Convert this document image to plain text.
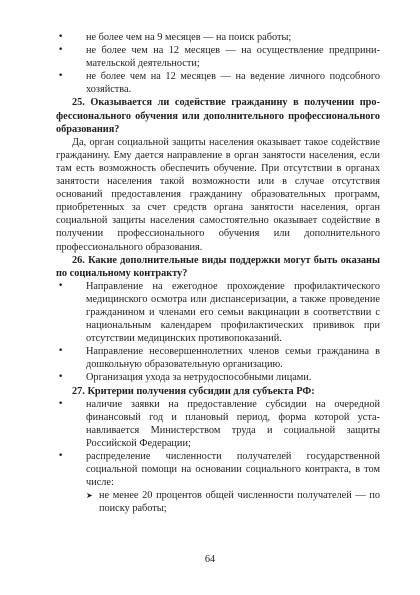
• не более чем на 9 месяцев — на поиск работы;
• не более чем на 12 месяцев — на осуществление предпринимательской деятельности;
• не более чем на 12 месяцев — на ведение личного подсобного хозяйства.

25. Оказывается ли содействие гражданину в получении профессионального обучения или дополнительного профессионального образования?

Да, орган социальной защиты населения оказывает такое содействие гражданину. Ему дается направление в орган занятости населения, если там есть возможность обеспечить обучение. При отсутствии в органах занятости населения такой возможности или в случае отсутствия оснований предоставления гражданину образовательных программ, приобретенных за счет средств органа занятости населения, орган социальной защиты населения самостоятельно оказывает содействие в получении профессионального обучения или дополнительного профессионального образования.

26. Какие дополнительные виды поддержки могут быть оказаны по социальному контракту?

• Направление на ежегодное прохождение профилактического медицинского осмотра или диспансеризации, а также проведение гражданином и членами его семьи вакцинации в соответствии с национальным календарем профилактических прививок при отсутствии медицинских противопоказаний.
• Направление несовершеннолетних членов семьи гражданина в дошкольную образовательную организацию.
• Организация ухода за нетрудоспособными лицами.

27. Критерии получения субсидии для субъекта РФ:

• наличие заявки на предоставление субсидии на очередной финансовый год и плановый период, форма которой устанавливается Министерством труда и социальной защиты Российской Федерации;
• распределение численности получателей государственной социальной помощи на основании социального контракта, в том числе:
➤ не менее 20 процентов общей численности получателей — по поиску работы;
64
